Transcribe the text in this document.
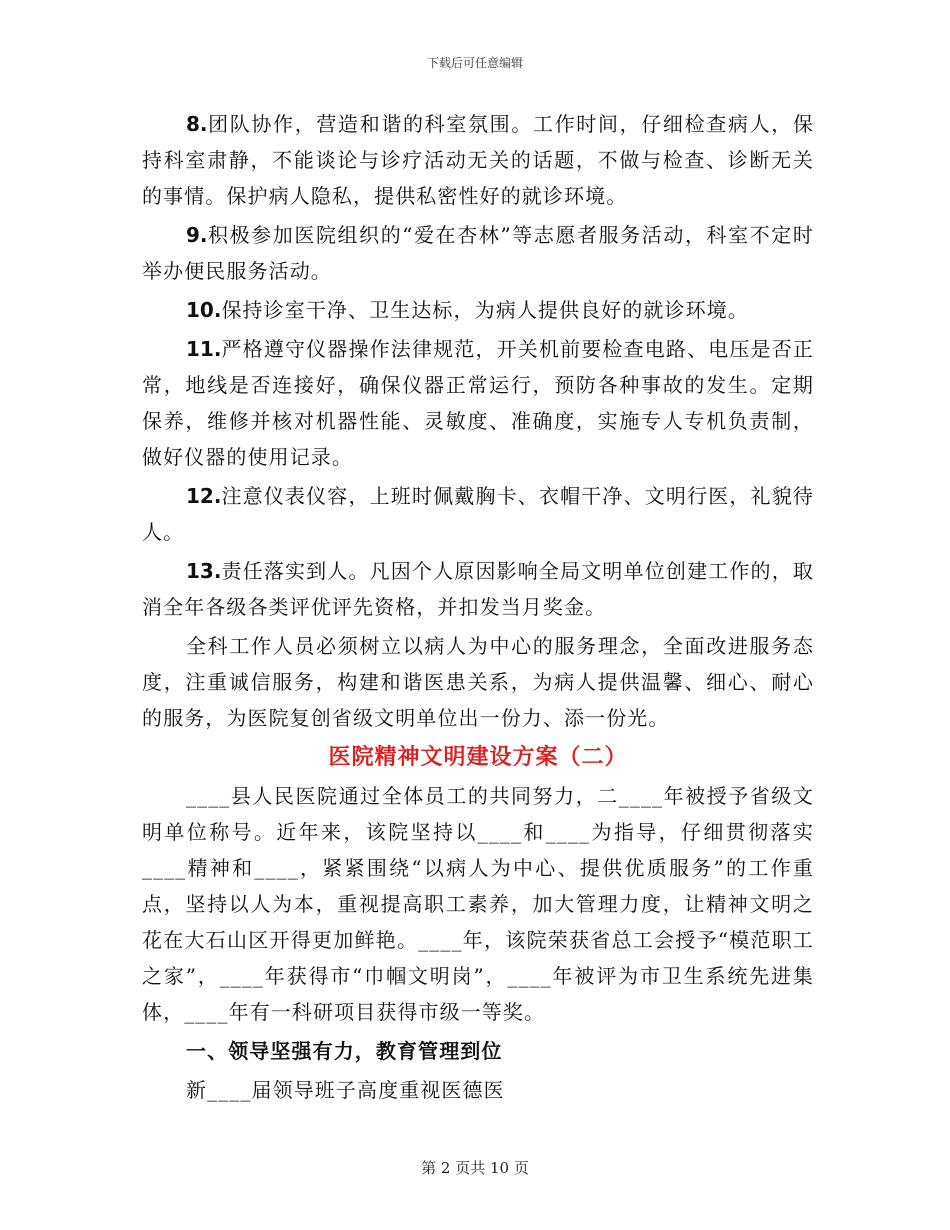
下载后可任意编辑

8.团队协作，营造和谐的科室氛围。工作时间，仔细检查病人，保持科室肃静，不能谈论与诊疗活动无关的话题，不做与检查、诊断无关的事情。保护病人隐私，提供私密性好的就诊环境。

9.积极参加医院组织的“爱在杏林”等志愿者服务活动，科室不定时举办便民服务活动。

10.保持诊室干净、卫生达标，为病人提供良好的就诊环境。

11.严格遵守仪器操作法律规范，开关机前要检查电路、电压是否正常，地线是否连接好，确保仪器正常运行，预防各种事故的发生。定期保养，维修并核对机器性能、灵敏度、准确度，实施专人专机负责制，做好仪器的使用记录。

12.注意仪表仪容，上班时佩戴胸卡、衣帽干净、文明行医，礼貌待人。

13.责任落实到人。凡因个人原因影响全局文明单位创建工作的，取消全年各级各类评优评先资格，并扣发当月奖金。

全科工作人员必须树立以病人为中心的服务理念，全面改进服务态度，注重诚信服务，构建和谐医患关系，为病人提供温馨、细心、耐心的服务，为医院复创省级文明单位出一份力、添一份光。

医院精神文明建设方案（二）

____县人民医院通过全体员工的共同努力，二____年被授予省级文明单位称号。近年来，该院坚持以____和____为指导，仔细贯彻落实____精神和____，紧紧围绕“以病人为中心、提供优质服务”的工作重点，坚持以人为本，重视提高职工素养，加大管理力度，让精神文明之花在大石山区开得更加鲜艳。____年，该院荣获省总工会授予“模范职工之家”，____年获得市“巾帼文明岗”，____年被评为市卫生系统先进集体，____年有一科研项目获得市级一等奖。

一、领导坚强有力，教育管理到位

新____届领导班子高度重视医德医

第 2 页共 10 页
